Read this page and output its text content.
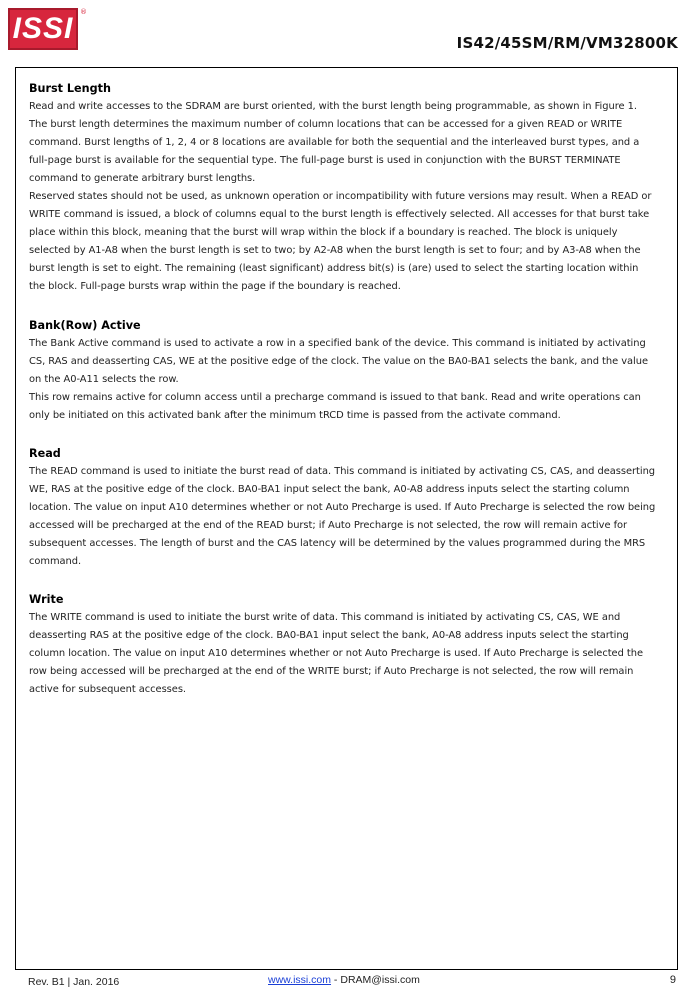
ISSI ®
IS42/45SM/RM/VM32800K
Burst Length

Read and write accesses to the SDRAM are burst oriented, with the burst length being programmable, as shown in Figure 1. The burst length determines the maximum number of column locations that can be accessed for a given READ or WRITE command. Burst lengths of 1, 2, 4 or 8 locations are available for both the sequential and the interleaved burst types, and a full-page burst is available for the sequential type. The full-page burst is used in conjunction with the BURST TERMINATE command to generate arbitrary burst lengths.

Reserved states should not be used, as unknown operation or incompatibility with future versions may result. When a READ or WRITE command is issued, a block of columns equal to the burst length is effectively selected. All accesses for that burst take place within this block, meaning that the burst will wrap within the block if a boundary is reached. The block is uniquely selected by A1-A8 when the burst length is set to two; by A2-A8 when the burst length is set to four; and by A3-A8 when the burst length is set to eight. The remaining (least significant) address bit(s) is (are) used to select the starting location within the block. Full-page bursts wrap within the page if the boundary is reached.

Bank(Row) Active

The Bank Active command is used to activate a row in a specified bank of the device. This command is initiated by activating CS, RAS and deasserting CAS, WE at the positive edge of the clock. The value on the BA0-BA1 selects the bank, and the value on the A0-A11 selects the row.

This row remains active for column access until a precharge command is issued to that bank. Read and write operations can only be initiated on this activated bank after the minimum tRCD time is passed from the activate command.

Read

The READ command is used to initiate the burst read of data. This command is initiated by activating CS, CAS, and deasserting WE, RAS at the positive edge of the clock. BA0-BA1 input select the bank, A0-A8 address inputs select the starting column location. The value on input A10 determines whether or not Auto Precharge is used. If Auto Precharge is selected the row being accessed will be precharged at the end of the READ burst; if Auto Precharge is not selected, the row will remain active for subsequent accesses. The length of burst and the CAS latency will be determined by the values programmed during the MRS command.

Write

The WRITE command is used to initiate the burst write of data. This command is initiated by activating CS, CAS, WE and deasserting RAS at the positive edge of the clock. BA0-BA1 input select the bank, A0-A8 address inputs select the starting column location. The value on input A10 determines whether or not Auto Precharge is used. If Auto Precharge is selected the row being accessed will be precharged at the end of the WRITE burst; if Auto Precharge is not selected, the row will remain active for subsequent accesses.

Rev. B1 | Jan. 2016	www.issi.com - DRAM@issi.com	9
